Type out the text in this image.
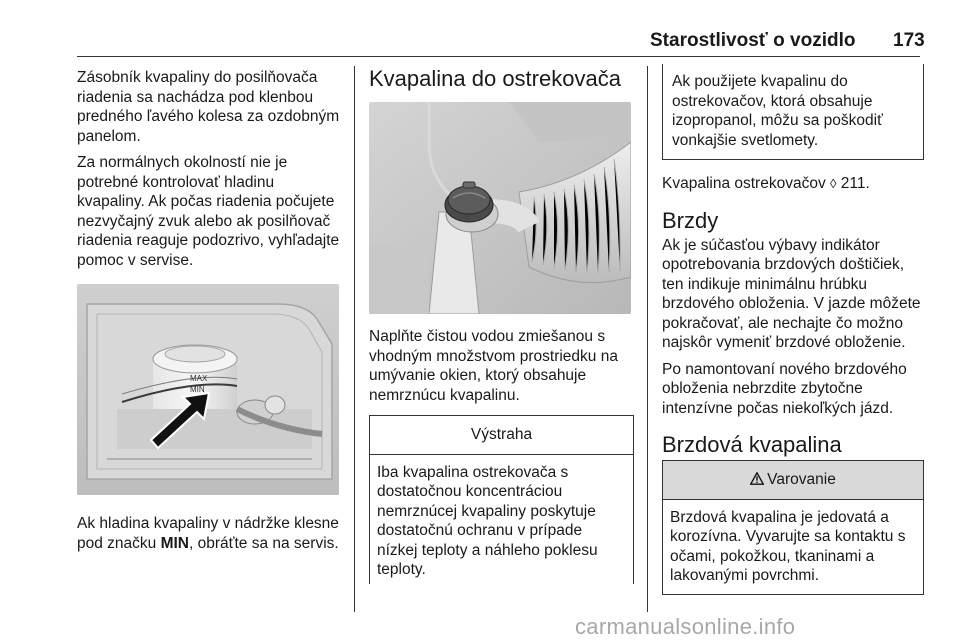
Starostlivosť o vozidlo 173

Zásobník kvapaliny do posilňovača riadenia sa nachádza pod klenbou predného ľavého kolesa za ozdobným panelom.

Za normálnych okolností nie je potrebné kontrolovať hladinu kvapaliny. Ak počas riadenia počujete nezvyčajný zvuk alebo ak posilňovač riadenia reaguje podozrivo, vyhľadajte pomoc v servise.

MAX
MIN

Ak hladina kvapaliny v nádržke klesne pod značku MIN, obráťte sa na servis.

Kvapalina do ostrekovača

Naplňte čistou vodou zmiešanou s vhodným množstvom prostriedku na umývanie okien, ktorý obsahuje nemrznúcu kvapalinu.

Výstraha
Iba kvapalina ostrekovača s dostatočnou koncentráciou nemrznúcej kvapaliny poskytuje dostatočnú ochranu v prípade nízkej teploty a náhleho poklesu teploty.
Ak použijete kvapalinu do ostrekovačov, ktorá obsahuje izopropanol, môžu sa poškodiť vonkajšie svetlomety.

Kvapalina ostrekovačov ◊ 211.

Brzdy

Ak je súčasťou výbavy indikátor opotrebovania brzdových doštičiek, ten indikuje minimálnu hrúbku brzdového obloženia. V jazde môžete pokračovať, ale nechajte čo možno najskôr vymeniť brzdové obloženie.

Po namontovaní nového brzdového obloženia nebrzdite zbytočne intenzívne počas niekoľkých jázd.

Brzdová kvapalina
Varovanie
Brzdová kvapalina je jedovatá a korozívna. Vyvarujte sa kontaktu s očami, pokožkou, tkaninami a lakovanými povrchmi.
carmanualsonline.info
